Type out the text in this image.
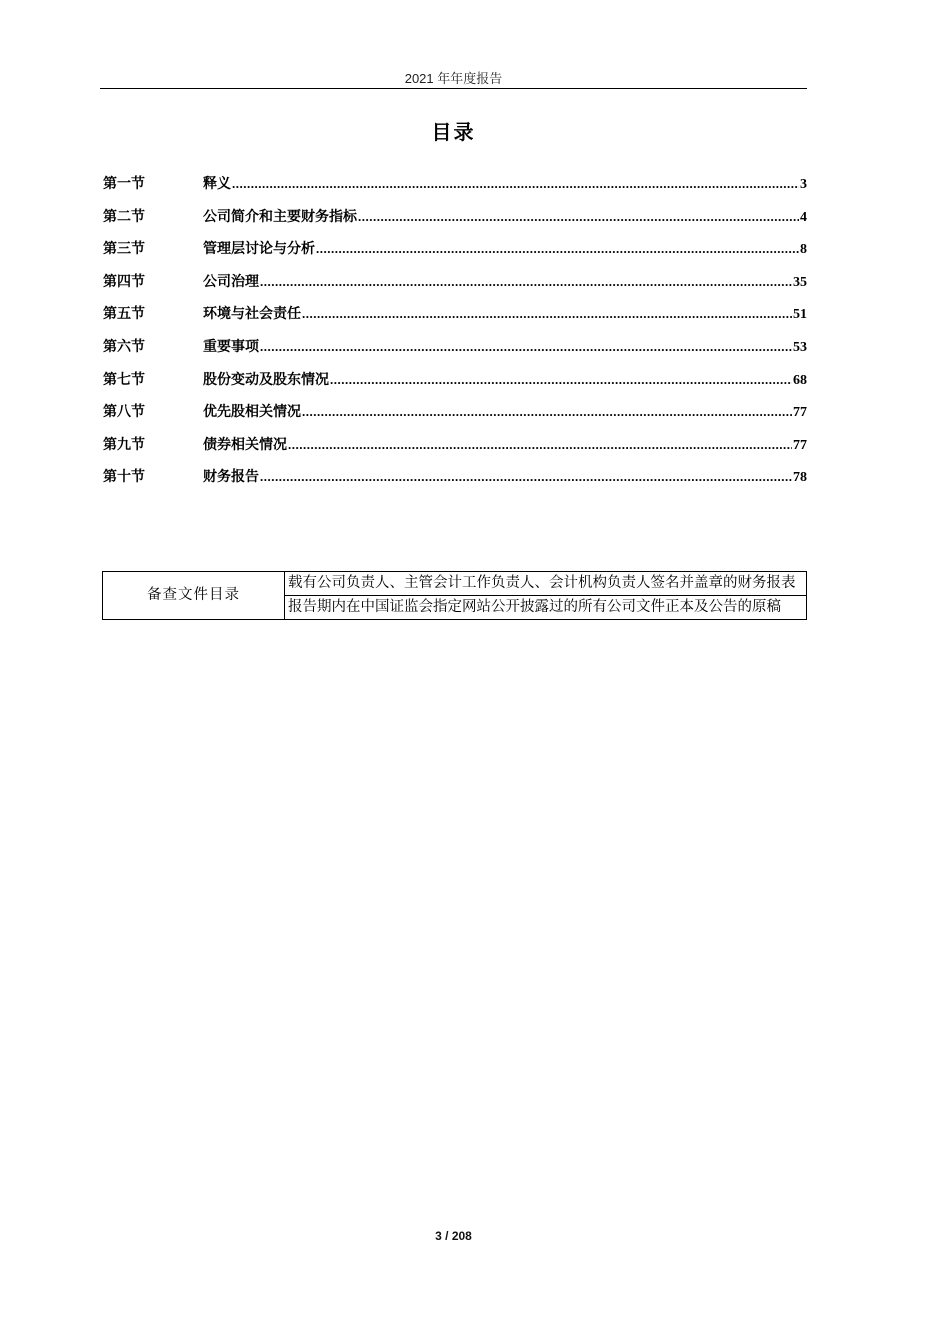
2021 年年度报告
目录
第一节	释义 .....	3
第二节	公司简介和主要财务指标 .....	4
第三节	管理层讨论与分析 .....	8
第四节	公司治理 .....	35
第五节	环境与社会责任 .....	51
第六节	重要事项 .....	53
第七节	股份变动及股东情况 .....	68
第八节	优先股相关情况 .....	77
第九节	债券相关情况 .....	77
第十节	财务报告 .....	78
备查文件目录	载有公司负责人、主管会计工作负责人、会计机构负责人签名并盖章的财务报表
报告期内在中国证监会指定网站公开披露过的所有公司文件正本及公告的原稿
3 / 208
